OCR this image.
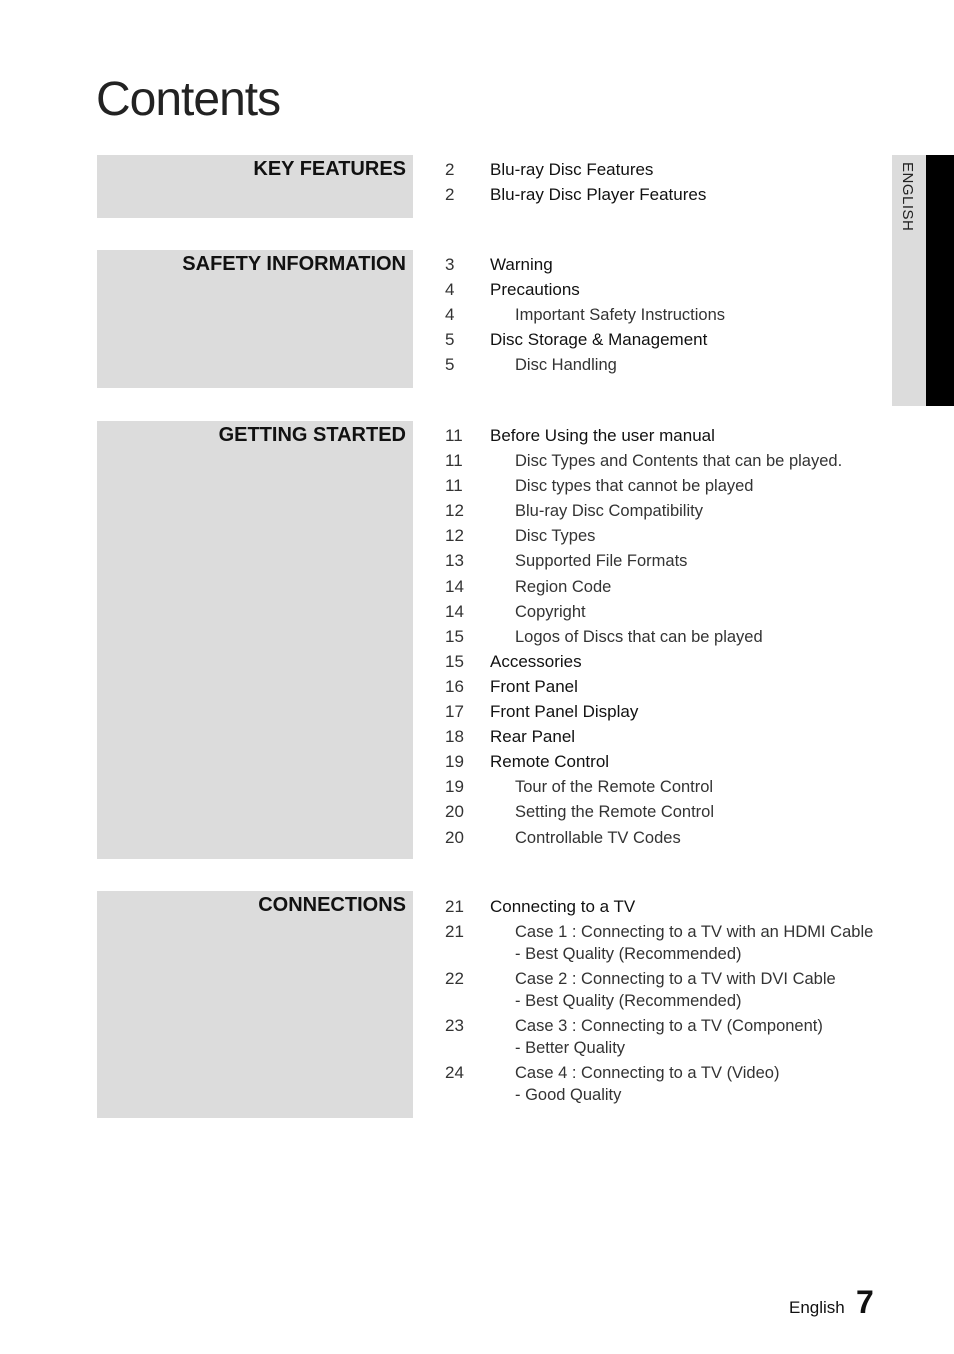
Contents
ENGLISH
KEY FEATURES 2	Blu-ray Disc Features
2	Blu-ray Disc Player Features
SAFETY INFORMATION 3	Warning
4	Precautions
4	Important Safety Instructions
5	Disc Storage & Management
5	Disc Handling
GETTING STARTED 11	Before Using the user manual
11	Disc Types and Contents that can be played.
11	Disc types that cannot be played
12	Blu-ray Disc Compatibility
12	Disc Types
13	Supported File Formats
14	Region Code
14	Copyright
15	Logos of Discs that can be played
15	Accessories
16	Front Panel
17	Front Panel Display
18	Rear Panel
19	Remote Control
19	Tour of the Remote Control
20	Setting the Remote Control
20	Controllable TV Codes
CONNECTIONS 21	Connecting to a TV
21	Case 1 : Connecting to a TV with an HDMI Cable
- Best Quality (Recommended)
22	Case 2 : Connecting to a TV with DVI Cable
- Best Quality (Recommended)
23	Case 3 : Connecting to a TV (Component)
- Better Quality
24	Case 4 : Connecting to a TV (Video)
- Good Quality
English 7
